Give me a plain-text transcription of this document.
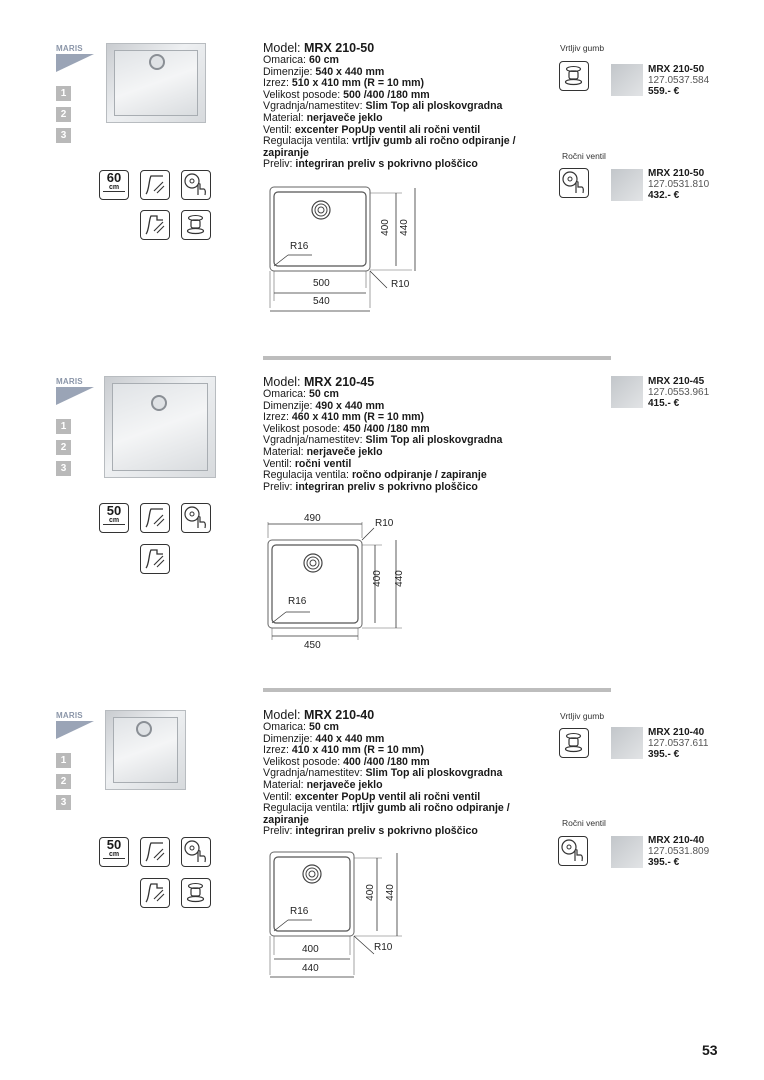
MARIS
1
2
3
60
cm
Model: MRX 210-50
Omarica: 60 cm
Dimenzije: 540 x 440 mm
Izrez: 510 x 410 mm (R = 10 mm)
Velikost posode: 500 /400 /180 mm
Vgradnja/namestitev: Slim Top ali ploskovgradna
Material: nerjaveče jeklo
Ventil: excenter PopUp ventil ali ročni ventil
Regulacija ventila: vrtljiv gumb ali ročno odpiranje /
zapiranje
Preliv: integriran preliv s pokrivno ploščico
R16
500
540
400 440
R10
Vrtljiv gumb
MRX 210-50
127.0537.584
559.- €
Ročni ventil
MRX 210-50
127.0531.810
432.- €
MARIS
1
2
3
50
cm
Model: MRX 210-45
Omarica: 50 cm
Dimenzije: 490 x 440 mm
Izrez: 460 x 410 mm (R = 10 mm)
Velikost posode: 450 /400 /180 mm
Vgradnja/namestitev: Slim Top ali ploskovgradna
Material: nerjaveče jeklo
Ventil: ročni ventil
Regulacija ventila: ročno odpiranje / zapiranje
Preliv: integriran preliv s pokrivno ploščico
490	R10
R16
400 440
450
MRX 210-45
127.0553.961
415.- €
MARIS
1
2
3
50
cm
Model: MRX 210-40
Omarica: 50 cm
Dimenzije: 440 x 440 mm
Izrez: 410 x 410 mm (R = 10 mm)
Velikost posode: 400 /400 /180 mm
Vgradnja/namestitev: Slim Top ali ploskovgradna
Material: nerjaveče jeklo
Ventil: excenter PopUp ventil ali ročni ventil
Regulacija ventila: rtljiv gumb ali ročno odpiranje /
zapiranje
Preliv: integriran preliv s pokrivno ploščico
R16
400
440
400 440
R10
Vrtljiv gumb
MRX 210-40
127.0537.611
395.- €
Ročni ventil
MRX 210-40
127.0531.809
395.- €
53
